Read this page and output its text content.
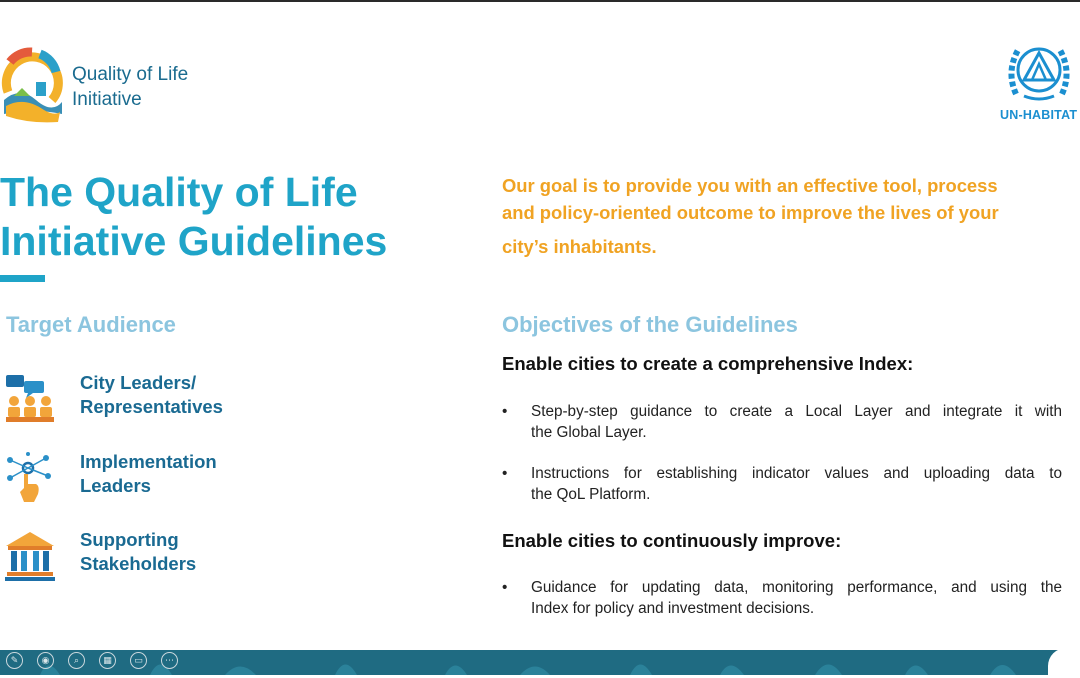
Quality of Life
Initiative
UN-HABITAT
The Quality of Life
Initiative Guidelines
Our goal is to provide you with an effective tool, process
and policy-oriented outcome to improve the lives of your
city’s inhabitants.
Target Audience	Objectives of the Guidelines
City Leaders/
Representatives
Implementation
Leaders
Supporting
Stakeholders
Enable cities to create a comprehensive Index:
• Step-by-step guidance to create a Local Layer and integrate it with
the Global Layer.
• Instructions for establishing indicator values and uploading data to
the QoL Platform.
Enable cities to continuously improve:
• Guidance for updating data, monitoring performance, and using the
Index for policy and investment decisions.
✎	◉	⌕	▦	▭	⋯
